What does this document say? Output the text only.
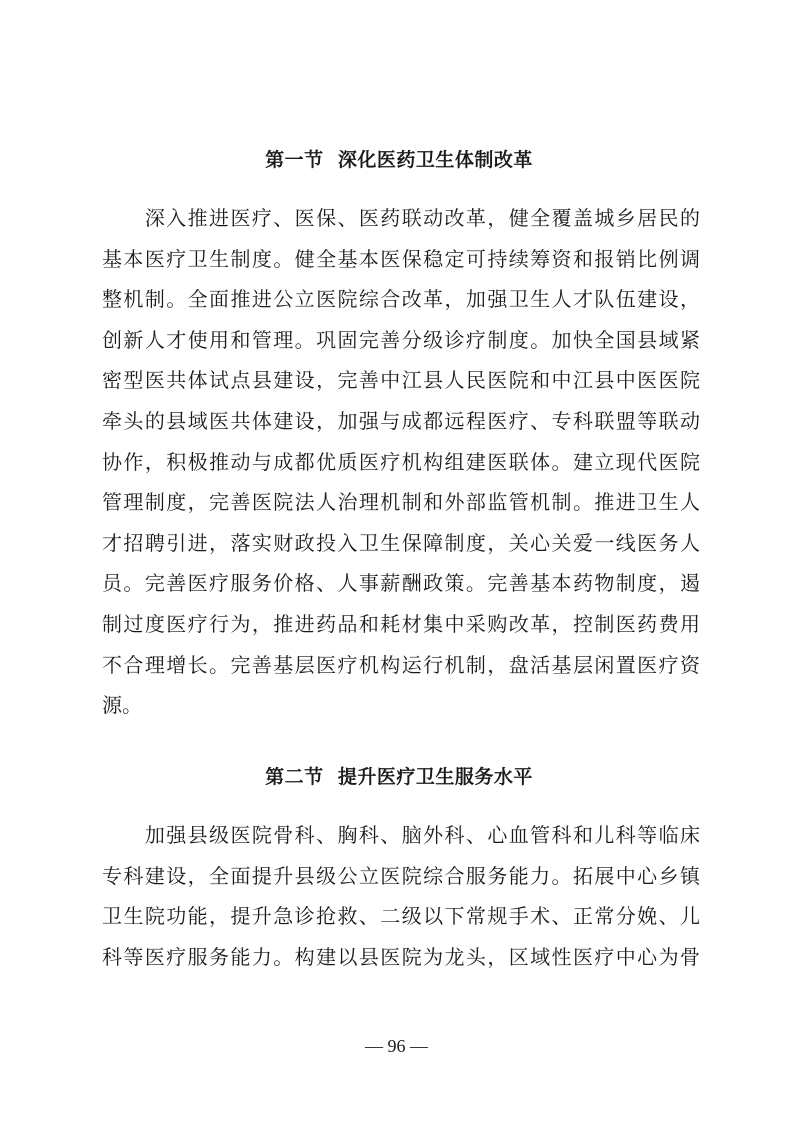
第一节  深化医药卫生体制改革
　　深入推进医疗、医保、医药联动改革，健全覆盖城乡居民的
基本医疗卫生制度。健全基本医保稳定可持续筹资和报销比例调
整机制。全面推进公立医院综合改革，加强卫生人才队伍建设，
创新人才使用和管理。巩固完善分级诊疗制度。加快全国县域紧
密型医共体试点县建设，完善中江县人民医院和中江县中医医院
牵头的县域医共体建设，加强与成都远程医疗、专科联盟等联动
协作，积极推动与成都优质医疗机构组建医联体。建立现代医院
管理制度，完善医院法人治理机制和外部监管机制。推进卫生人
才招聘引进，落实财政投入卫生保障制度，关心关爱一线医务人
员。完善医疗服务价格、人事薪酬政策。完善基本药物制度，遏
制过度医疗行为，推进药品和耗材集中采购改革，控制医药费用
不合理增长。完善基层医疗机构运行机制，盘活基层闲置医疗资
源。
第二节  提升医疗卫生服务水平
　　加强县级医院骨科、胸科、脑外科、心血管科和儿科等临床
专科建设，全面提升县级公立医院综合服务能力。拓展中心乡镇
卫生院功能，提升急诊抢救、二级以下常规手术、正常分娩、儿
科等医疗服务能力。构建以县医院为龙头，区域性医疗中心为骨
— 96 —
